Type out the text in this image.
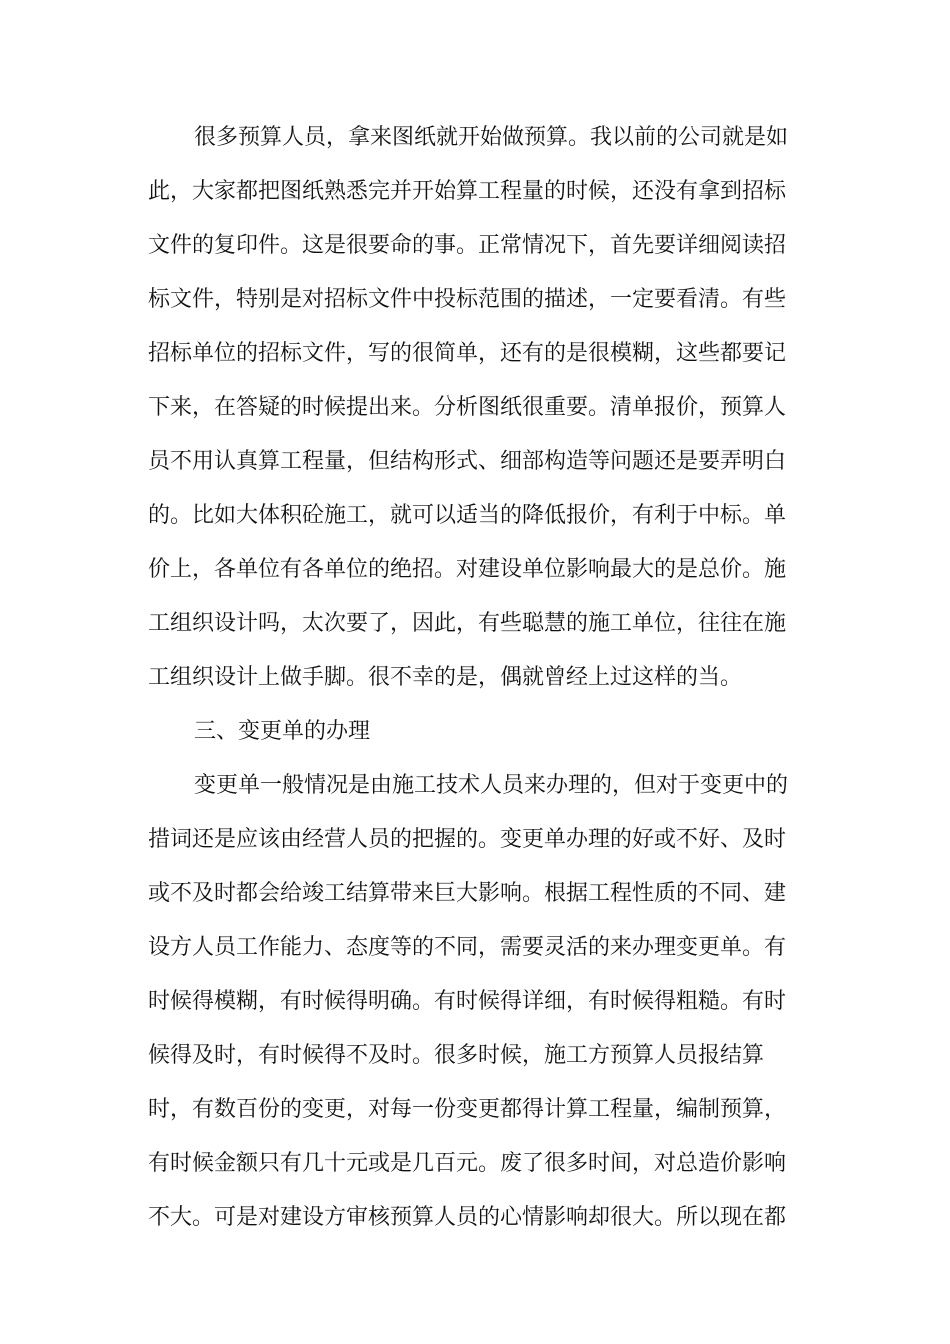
很多预算人员，拿来图纸就开始做预算。我以前的公司就是如
此，大家都把图纸熟悉完并开始算工程量的时候，还没有拿到招标
文件的复印件。这是很要命的事。正常情况下，首先要详细阅读招
标文件，特别是对招标文件中投标范围的描述，一定要看清。有些
招标单位的招标文件，写的很简单，还有的是很模糊，这些都要记
下来，在答疑的时候提出来。分析图纸很重要。清单报价，预算人
员不用认真算工程量，但结构形式、细部构造等问题还是要弄明白
的。比如大体积砼施工，就可以适当的降低报价，有利于中标。单
价上，各单位有各单位的绝招。对建设单位影响最大的是总价。施
工组织设计吗，太次要了，因此，有些聪慧的施工单位，往往在施
工组织设计上做手脚。很不幸的是，偶就曾经上过这样的当。
三、变更单的办理
变更单一般情况是由施工技术人员来办理的，但对于变更中的
措词还是应该由经营人员的把握的。变更单办理的好或不好、及时
或不及时都会给竣工结算带来巨大影响。根据工程性质的不同、建
设方人员工作能力、态度等的不同，需要灵活的来办理变更单。有
时候得模糊，有时候得明确。有时候得详细，有时候得粗糙。有时
候得及时，有时候得不及时。很多时候，施工方预算人员报结算
时，有数百份的变更，对每一份变更都得计算工程量，编制预算，
有时候金额只有几十元或是几百元。废了很多时间，对总造价影响
不大。可是对建设方审核预算人员的心情影响却很大。所以现在都
